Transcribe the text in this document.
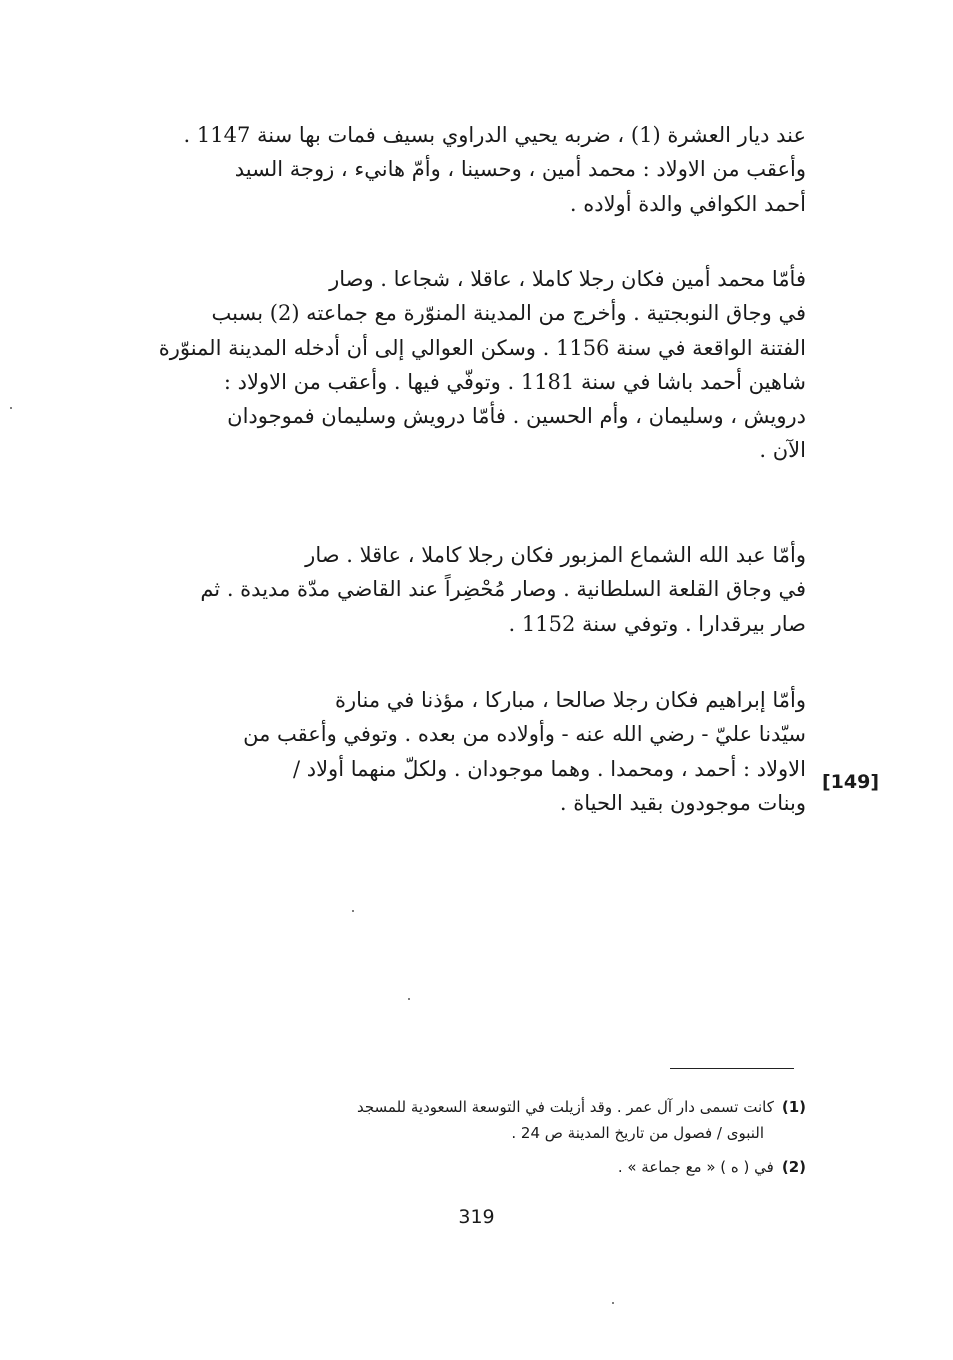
عند ديار العشرة (1) ، ضربه يحيي الدراوي بسيف فمات بها سنة 1147 .
وأعقب من الاولاد : محمد أمين ، وحسينا ، وأمّ هانيء ، زوجة السيد
أحمد الكوافي والدة أولاده .
فأمّا محمد أمين فكان رجلا كاملا ، عاقلا ، شجاعا . وصار
في وجاق النوبجتية . وأخرج من المدينة المنوّرة مع جماعته (2) بسبب
الفتنة الواقعة في سنة 1156 . وسكن العوالي إلى أن أدخله المدينة المنوّرة
شاهين أحمد باشا في سنة 1181 . وتوفّي فيها . وأعقب من الاولاد :
درويش ، وسليمان ، وأم الحسين . فأمّا درويش وسليمان فموجودان
الآن .
وأمّا عبد الله الشماع المزبور فكان رجلا كاملا ، عاقلا . صار
في وجاق القلعة السلطانية . وصار مُحْضِراً عند القاضي مدّة مديدة . ثم
صار بيرقدارا . وتوفي سنة 1152 .
وأمّا إبراهيم فكان رجلا صالحا ، مباركا ، مؤذنا في منارة
سيّدنا عليّ - رضي الله عنه - وأولاده من بعده . وتوفي وأعقب من
الاولاد : أحمد ، ومحمدا . وهما موجودان . ولكلّ منهما أولاد /
وبنات موجودون بقيد الحياة .
[149]
(1)كانت تسمى دار آل عمر . وقد أزيلت في التوسعة السعودية للمسجد
النبوى / فصول من تاريخ المدينة ص 24 .
(2)في ( ه ) « مع جماعة » .
319
